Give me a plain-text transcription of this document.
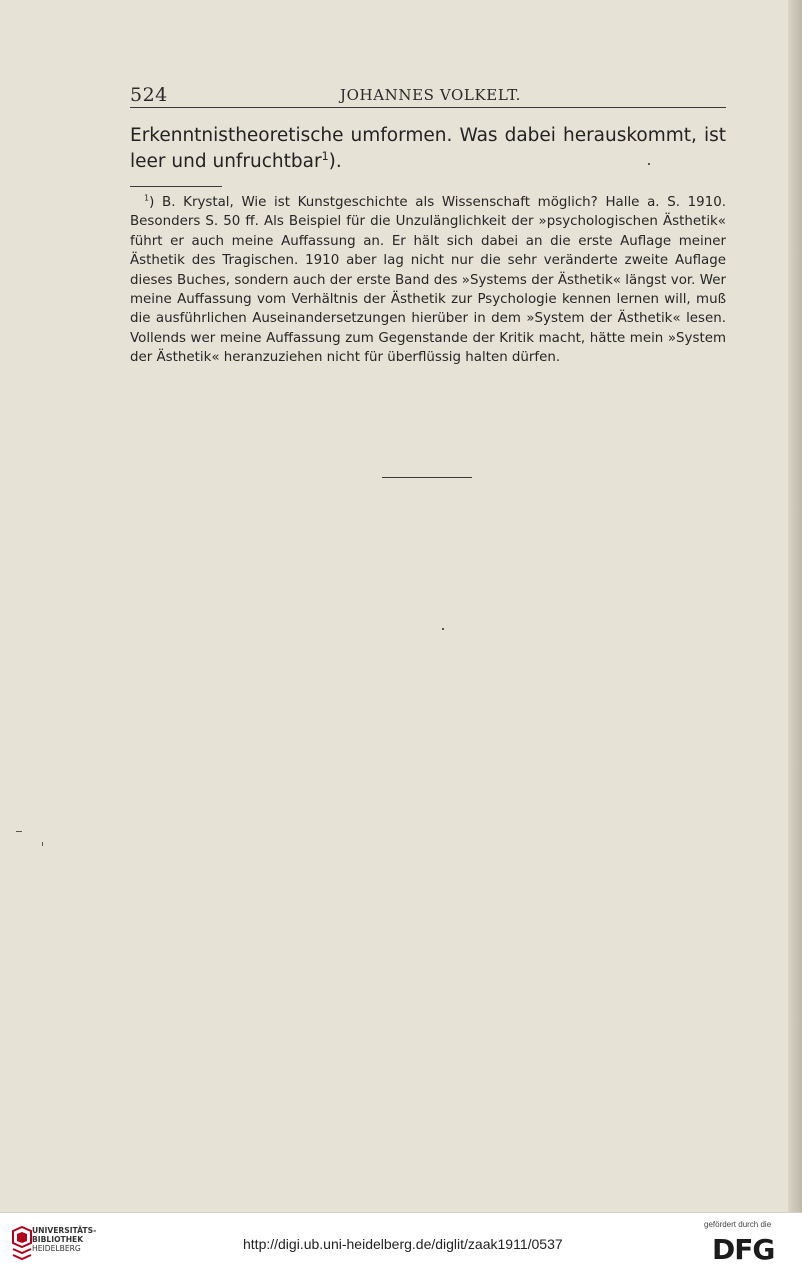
524	JOHANNES VOLKELT.

Erkenntnistheoretische umformen. Was dabei herauskommt, ist leer und unfruchtbar$^1$).

$^1$) B. Krystal, Wie ist Kunstgeschichte als Wissenschaft möglich? Halle a. S. 1910. Besonders S. 50 ff. Als Beispiel für die Unzulänglichkeit der »psychologischen Ästhetik« führt er auch meine Auffassung an. Er hält sich dabei an die erste Auflage meiner Ästhetik des Tragischen. 1910 aber lag nicht nur die sehr veränderte zweite Auflage dieses Buches, sondern auch der erste Band des »Systems der Ästhetik« längst vor. Wer meine Auffassung vom Verhältnis der Ästhetik zur Psychologie kennen lernen will, muß die ausführlichen Auseinandersetzungen hierüber in dem »System der Ästhetik« lesen. Vollends wer meine Auffassung zum Gegenstande der Kritik macht, hätte mein »System der Ästhetik« heranzuziehen nicht für überflüssig halten dürfen.

UNIVERSITÄTS-
BIBLIOTHEK
HEIDELBERG	http://digi.ub.uni-heidelberg.de/diglit/zaak1911/0537
gefördert durch die
DFG
